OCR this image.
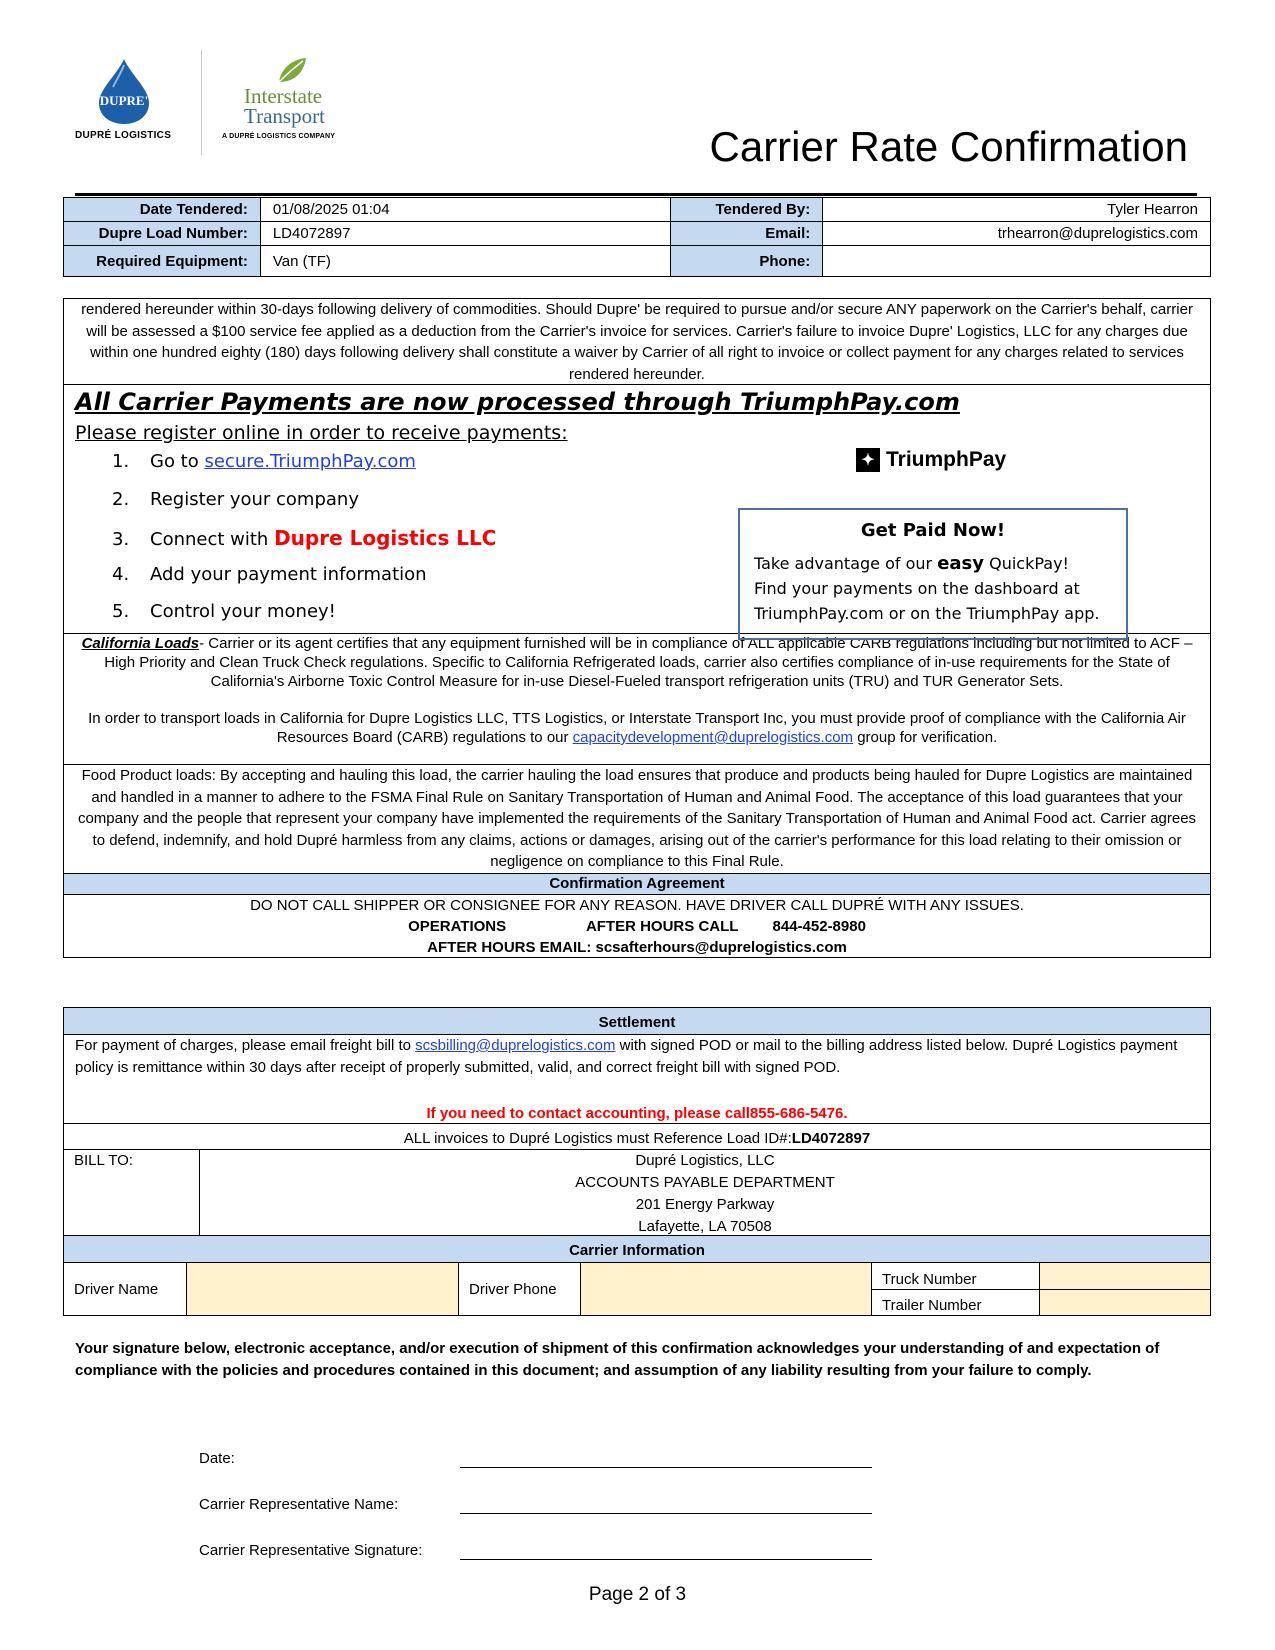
DUPRE'
DUPRÉ LOGISTICS
Interstate
Transport
A DUPRÉ LOGISTICS COMPANY	Carrier Rate Confirmation
Date Tendered:	01/08/2025 01:04	Tendered By:	Tyler Hearron
Dupre Load Number:	LD4072897	Email:	trhearron@duprelogistics.com
Required Equipment:	Van (TF)	Phone:	
rendered hereunder within 30-days following delivery of commodities. Should Dupre' be required to pursue and/or secure ANY paperwork on the Carrier's behalf, carrier will be assessed a $100 service fee applied as a deduction from the Carrier's invoice for services. Carrier's failure to invoice Dupre' Logistics, LLC for any charges due within one hundred eighty (180) days following delivery shall constitute a waiver by Carrier of all right to invoice or collect payment for any charges related to services rendered hereunder.
All Carrier Payments are now processed through TriumphPay.com
Please register online in order to receive payments:
1. Go to secure.TriumphPay.com
2. Register your company
3. Connect with Dupre Logistics LLC
4. Add your payment information
5. Control your money!
✦ TriumphPay
Get Paid Now!
Take advantage of our easy QuickPay!
Find your payments on the dashboard at
TriumphPay.com or on the TriumphPay app.
California Loads- Carrier or its agent certifies that any equipment furnished will be in compliance of ALL applicable CARB regulations including but not limited to ACF – High Priority and Clean Truck Check regulations. Specific to California Refrigerated loads, carrier also certifies compliance of in-use requirements for the State of California's Airborne Toxic Control Measure for in-use Diesel-Fueled transport refrigeration units (TRU) and TUR Generator Sets.
In order to transport loads in California for Dupre Logistics LLC, TTS Logistics, or Interstate Transport Inc, you must provide proof of compliance with the California Air Resources Board (CARB) regulations to our capacitydevelopment@duprelogistics.com group for verification.
Food Product loads: By accepting and hauling this load, the carrier hauling the load ensures that produce and products being hauled for Dupre Logistics are maintained and handled in a manner to adhere to the FSMA Final Rule on Sanitary Transportation of Human and Animal Food. The acceptance of this load guarantees that your company and the people that represent your company have implemented the requirements of the Sanitary Transportation of Human and Animal Food act. Carrier agrees to defend, indemnify, and hold Dupré harmless from any claims, actions or damages, arising out of the carrier's performance for this load relating to their omission or negligence on compliance to this Final Rule.
Confirmation Agreement
DO NOT CALL SHIPPER OR CONSIGNEE FOR ANY REASON. HAVE DRIVER CALL DUPRÉ WITH ANY ISSUES.
OPERATIONS	AFTER HOURS CALL 844-452-8980
AFTER HOURS EMAIL: scsafterhours@duprelogistics.com
Settlement
For payment of charges, please email freight bill to scsbilling@duprelogistics.com with signed POD or mail to the billing address listed below. Dupré Logistics payment policy is remittance within 30 days after receipt of properly submitted, valid, and correct freight bill with signed POD.
If you need to contact accounting, please call855-686-5476.
ALL invoices to Dupré Logistics must Reference Load ID#:LD4072897
BILL TO:	Dupré Logistics, LLC
ACCOUNTS PAYABLE DEPARTMENT
201 Energy Parkway
Lafayette, LA 70508
Carrier Information
Driver Name	Driver Phone
Truck Number
Trailer Number
Your signature below, electronic acceptance, and/or execution of shipment of this confirmation acknowledges your understanding of and expectation of compliance with the policies and procedures contained in this document; and assumption of any liability resulting from your failure to comply.
Date:
Carrier Representative Name:
Carrier Representative Signature:
Page 2 of 3
